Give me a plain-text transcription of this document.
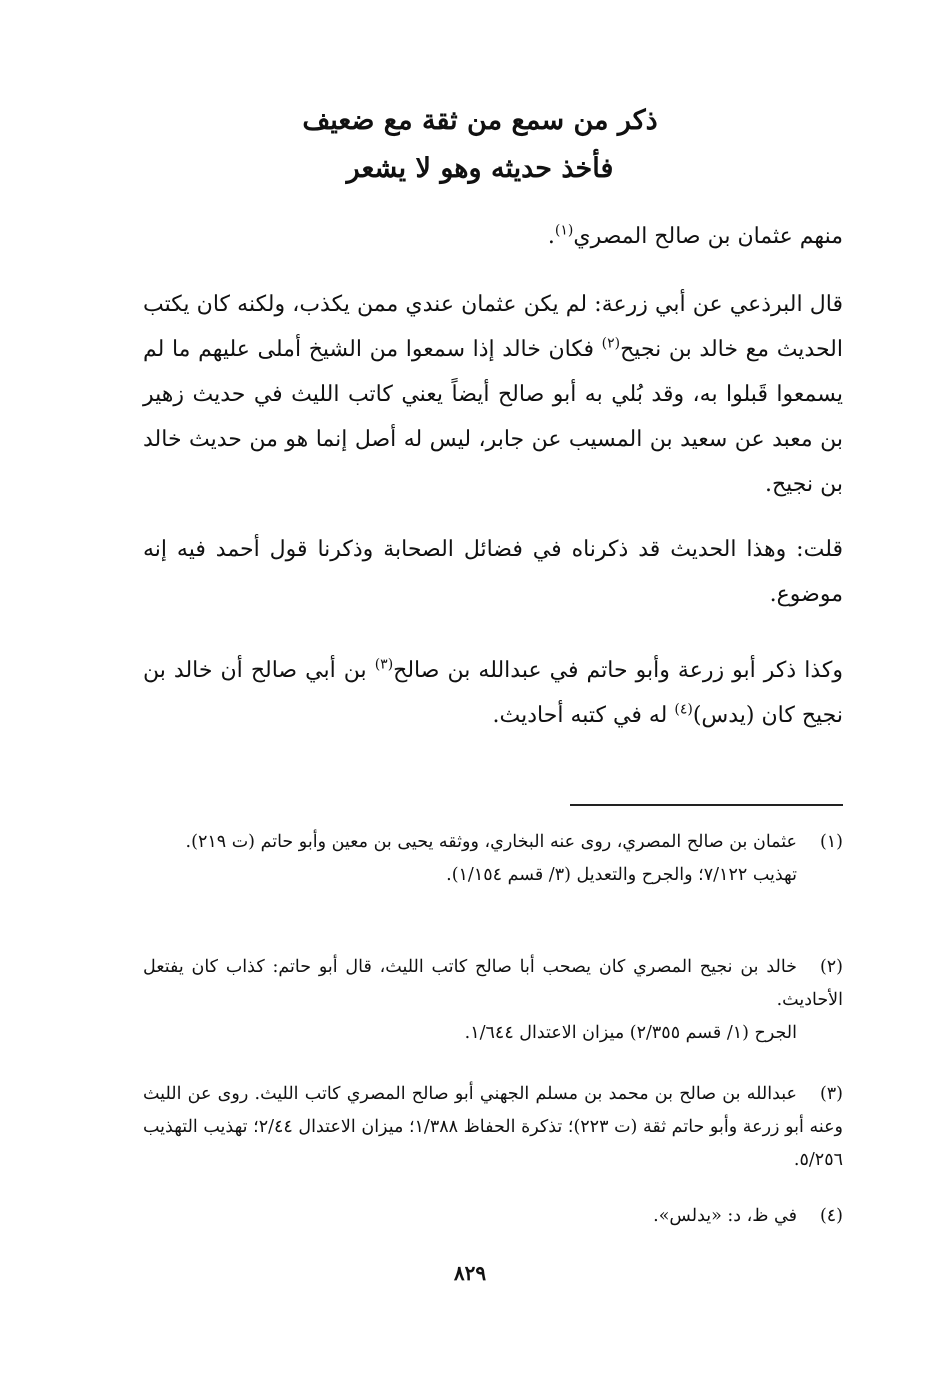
ذكر من سمع من ثقة مع ضعيف
فأخذ حديثه وهو لا يشعر
منهم عثمان بن صالح المصري$^{(١)}$.
قال البرذعي عن أبي زرعة: لم يكن عثمان عندي ممن يكذب، ولكنه كان يكتب الحديث مع خالد بن نجيح$^{(٢)}$ فكان خالد إذا سمعوا من الشيخ أملى عليهم ما لم يسمعوا قَبلوا به، وقد بُلي به أبو صالح أيضاً يعني كاتب الليث في حديث زهير بن معبد عن سعيد بن المسيب عن جابر، ليس له أصل إنما هو من حديث خالد بن نجيح.
قلت: وهذا الحديث قد ذكرناه في فضائل الصحابة وذكرنا قول أحمد فيه إنه موضوع.
وكذا ذكر أبو زرعة وأبو حاتم في عبدالله بن صالح$^{(٣)}$ بن أبي صالح أن خالد بن نجيح كان (يدس)$^{(٤)}$ له في كتبه أحاديث.
(١)عثمان بن صالح المصري، روى عنه البخاري، ووثقه يحيى بن معين وأبو حاتم (ت ٢١٩).
تهذيب ٧/١٢٢؛ والجرح والتعديل (٣/ قسم ١/١٥٤).
(٢)خالد بن نجيح المصري كان يصحب أبا صالح كاتب الليث، قال أبو حاتم: كذاب كان يفتعل الأحاديث.
الجرح (١/ قسم ٢/٣٥٥) ميزان الاعتدال ١/٦٤٤.
(٣)عبدالله بن صالح بن محمد بن مسلم الجهني أبو صالح المصري كاتب الليث. روى عن الليث وعنه أبو زرعة وأبو حاتم ثقة (ت ٢٢٣)؛ تذكرة الحفاظ ١/٣٨٨؛ ميزان الاعتدال ٢/٤٤؛ تهذيب التهذيب ٥/٢٥٦.
(٤)في ظ، د: «يدلس».
٨٢٩
